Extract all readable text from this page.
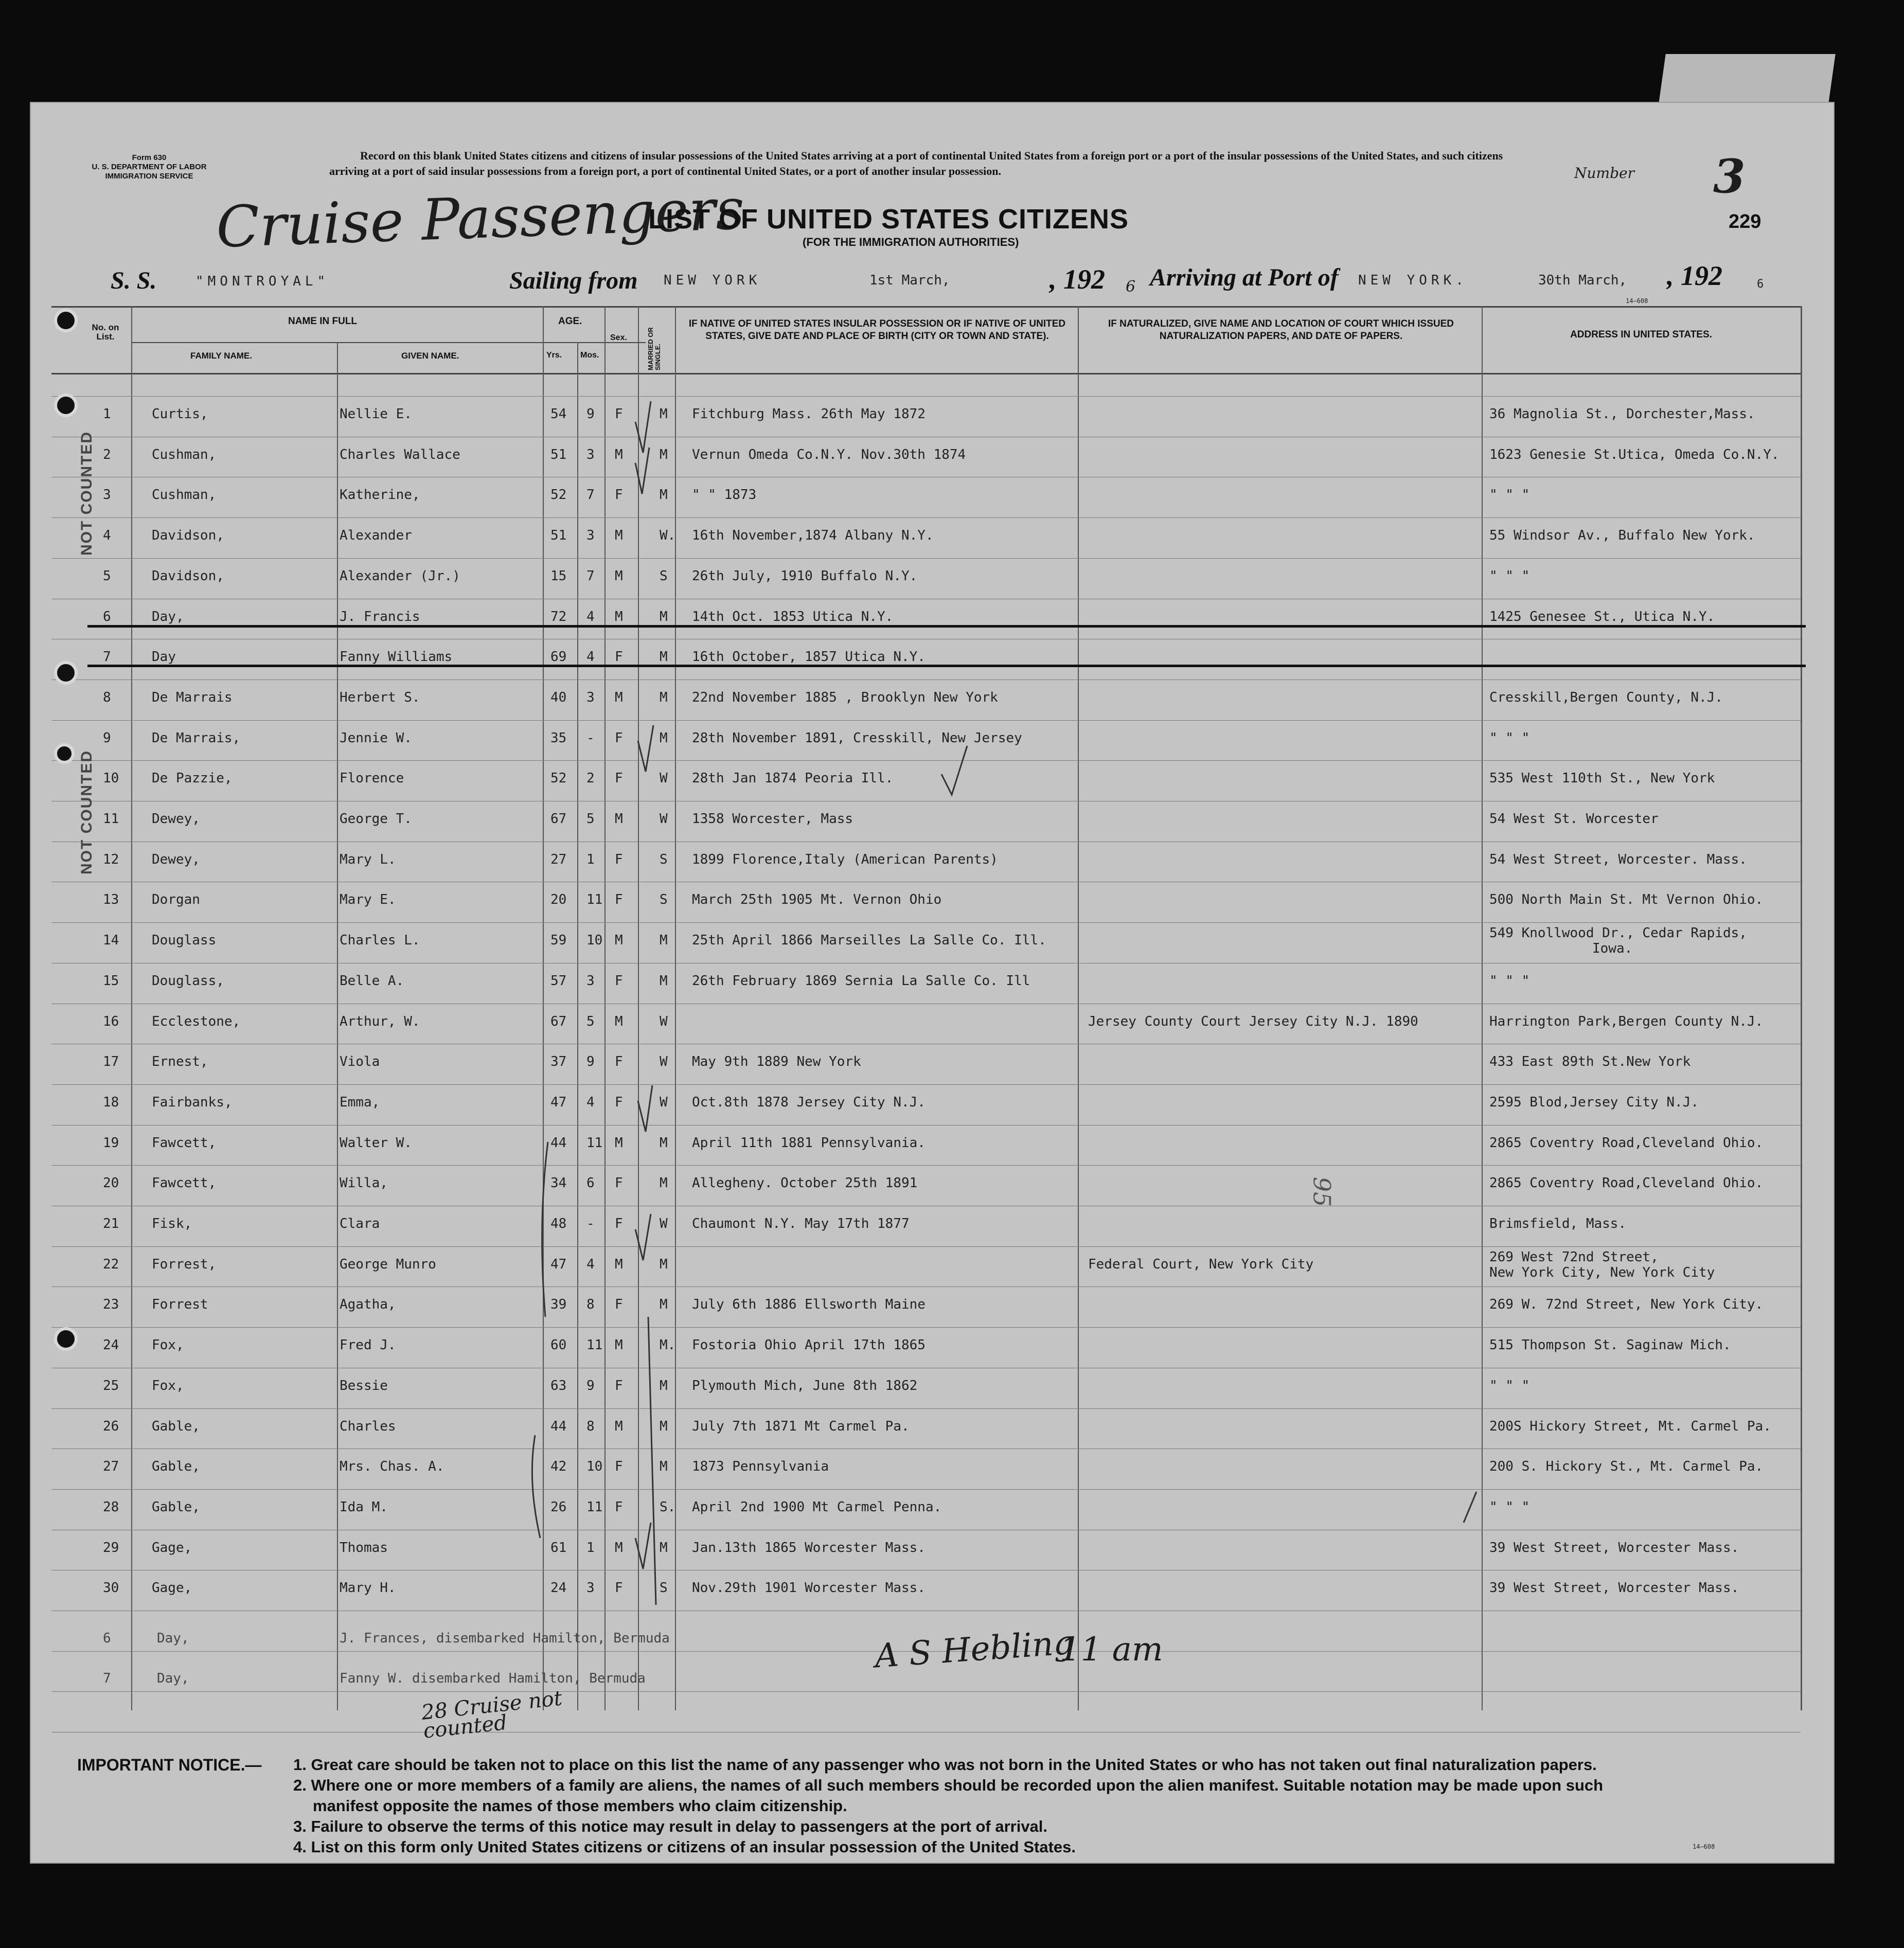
Form 630
U. S. DEPARTMENT OF LABOR
IMMIGRATION SERVICE
Record on this blank United States citizens and citizens of insular possessions of the United States arriving at a port of continental United States from a foreign port or a port of the insular possessions of the United States, and such citizens arriving at a port of said insular possessions from a foreign port, a port of continental United States, or a port of another insular possession.	Number 3
229
Cruise Passengers
LIST OF UNITED STATES CITIZENS
(FOR THE IMMIGRATION AUTHORITIES)
S. S.	"MONTROYAL"	Sailing from NEW YORK	1st March,	, 192 6 Arriving at Port of NEW YORK.	30th March, , 192	6
14—608
No. on List.
NAME IN FULL
FAMILY NAME.	GIVEN NAME.
AGE.
Yrs. Mos.
Sex.	MARRIED OR SINGLE.
IF NATIVE OF UNITED STATES INSULAR POSSESSION OR IF NATIVE OF UNITED STATES, GIVE DATE AND PLACE OF BIRTH (CITY OR TOWN AND STATE).
IF NATURALIZED, GIVE NAME AND LOCATION OF COURT WHICH ISSUED NATURALIZATION PAPERS, AND DATE OF PAPERS.	ADDRESS IN UNITED STATES.
1	Curtis,	Nellie E.	54 9 F	M Fitchburg Mass. 26th May 1872	36 Magnolia St., Dorchester,Mass.
2	Cushman,	Charles Wallace	51 3 M	M Vernun Omeda Co.N.Y. Nov.30th 1874	1623 Genesie St.Utica, Omeda Co.N.Y.
3	Cushman,	Katherine,	52 7 F	M " " 1873	" " "
4	Davidson,	Alexander	51 3 M	W. 16th November,1874 Albany N.Y.	55 Windsor Av., Buffalo New York.
5	Davidson,	Alexander (Jr.)	15 7 M	S 26th July, 1910 Buffalo N.Y.	" " "
6	Day,	J. Francis	72 4 M	M 14th Oct. 1853 Utica N.Y.	1425 Genesee St., Utica N.Y.
7	Day	Fanny Williams	69 4 F	M 16th October, 1857 Utica N.Y.
8	De Marrais	Herbert S.	40 3 M	M 22nd November 1885 , Brooklyn New York	Cresskill,Bergen County, N.J.
9	De Marrais,	Jennie W.	35 - F	M 28th November 1891, Cresskill, New Jersey	" " "
10 De Pazzie,	Florence	52 2 F	W 28th Jan 1874 Peoria Ill.	535 West 110th St., New York
11 Dewey,	George T.	67 5 M	W 1358 Worcester, Mass	54 West St. Worcester
12 Dewey,	Mary L.	27 1 F	S 1899 Florence,Italy (American Parents)	54 West Street, Worcester. Mass.
13 Dorgan	Mary E.	20 11 F	S March 25th 1905 Mt. Vernon Ohio	500 North Main St. Mt Vernon Ohio.
14 Douglass	Charles L.	59 10 M	M 25th April 1866 Marseilles La Salle Co. Ill.	549 Knollwood Dr., Cedar Rapids,
Iowa.
15 Douglass,	Belle A.	57 3 F	M 26th February 1869 Sernia La Salle Co. Ill	" " "
16 Ecclestone,	Arthur, W.	67 5 M	W	Jersey County Court Jersey City N.J. 1890	Harrington Park,Bergen County N.J.
17 Ernest,	Viola	37 9 F	W May 9th 1889 New York	433 East 89th St.New York
18 Fairbanks,	Emma,	47 4 F	W Oct.8th 1878 Jersey City N.J.	2595 Blod,Jersey City N.J.
19 Fawcett,	Walter W.	44 11 M	M April 11th 1881 Pennsylvania.	2865 Coventry Road,Cleveland Ohio.
20 Fawcett,	Willa,	34 6 F	M Allegheny. October 25th 1891	2865 Coventry Road,Cleveland Ohio.
21 Fisk,	Clara	48 - F	W Chaumont N.Y. May 17th 1877	Brimsfield, Mass.
22 Forrest,	George Munro	47 4 M	M	Federal Court, New York City	269 West 72nd Street,
New York City, New York City
23 Forrest	Agatha,	39 8 F	M July 6th 1886 Ellsworth Maine	269 W. 72nd Street, New York City.
24 Fox,	Fred J.	60 11 M	M. Fostoria Ohio April 17th 1865	515 Thompson St. Saginaw Mich.
25 Fox,	Bessie	63 9 F	M Plymouth Mich, June 8th 1862	" " "
26 Gable,	Charles	44 8 M	M July 7th 1871 Mt Carmel Pa.	200S Hickory Street, Mt. Carmel Pa.
27 Gable,	Mrs. Chas. A.	42 10 F	M 1873 Pennsylvania	200 S. Hickory St., Mt. Carmel Pa.
28 Gable,	Ida M.	26 11 F	S. April 2nd 1900 Mt Carmel Penna.	" " "
29 Gage,	Thomas	61 1 M	M Jan.13th 1865 Worcester Mass.	39 West Street, Worcester Mass.
30 Gage,	Mary H.	24 3 F	S Nov.29th 1901 Worcester Mass.	39 West Street, Worcester Mass.
6	Day,	J. Frances, disembarked Hamilton, Bermuda
7	Day,	Fanny W. disembarked Hamilton, Bermuda
NOT COUNTED
NOT COUNTED
28 Cruise not counted
A S Hebling
11 am
95
IMPORTANT NOTICE.— 1. Great care should be taken not to place on this list the name of any passenger who was not born in the United States or who has not taken out final naturalization papers.
2. Where one or more members of a family are aliens, the names of all such members should be recorded upon the alien manifest. Suitable notation may be made upon such
manifest opposite the names of those members who claim citizenship.
3. Failure to observe the terms of this notice may result in delay to passengers at the port of arrival.
4. List on this form only United States citizens or citizens of an insular possession of the United States.	14—608
